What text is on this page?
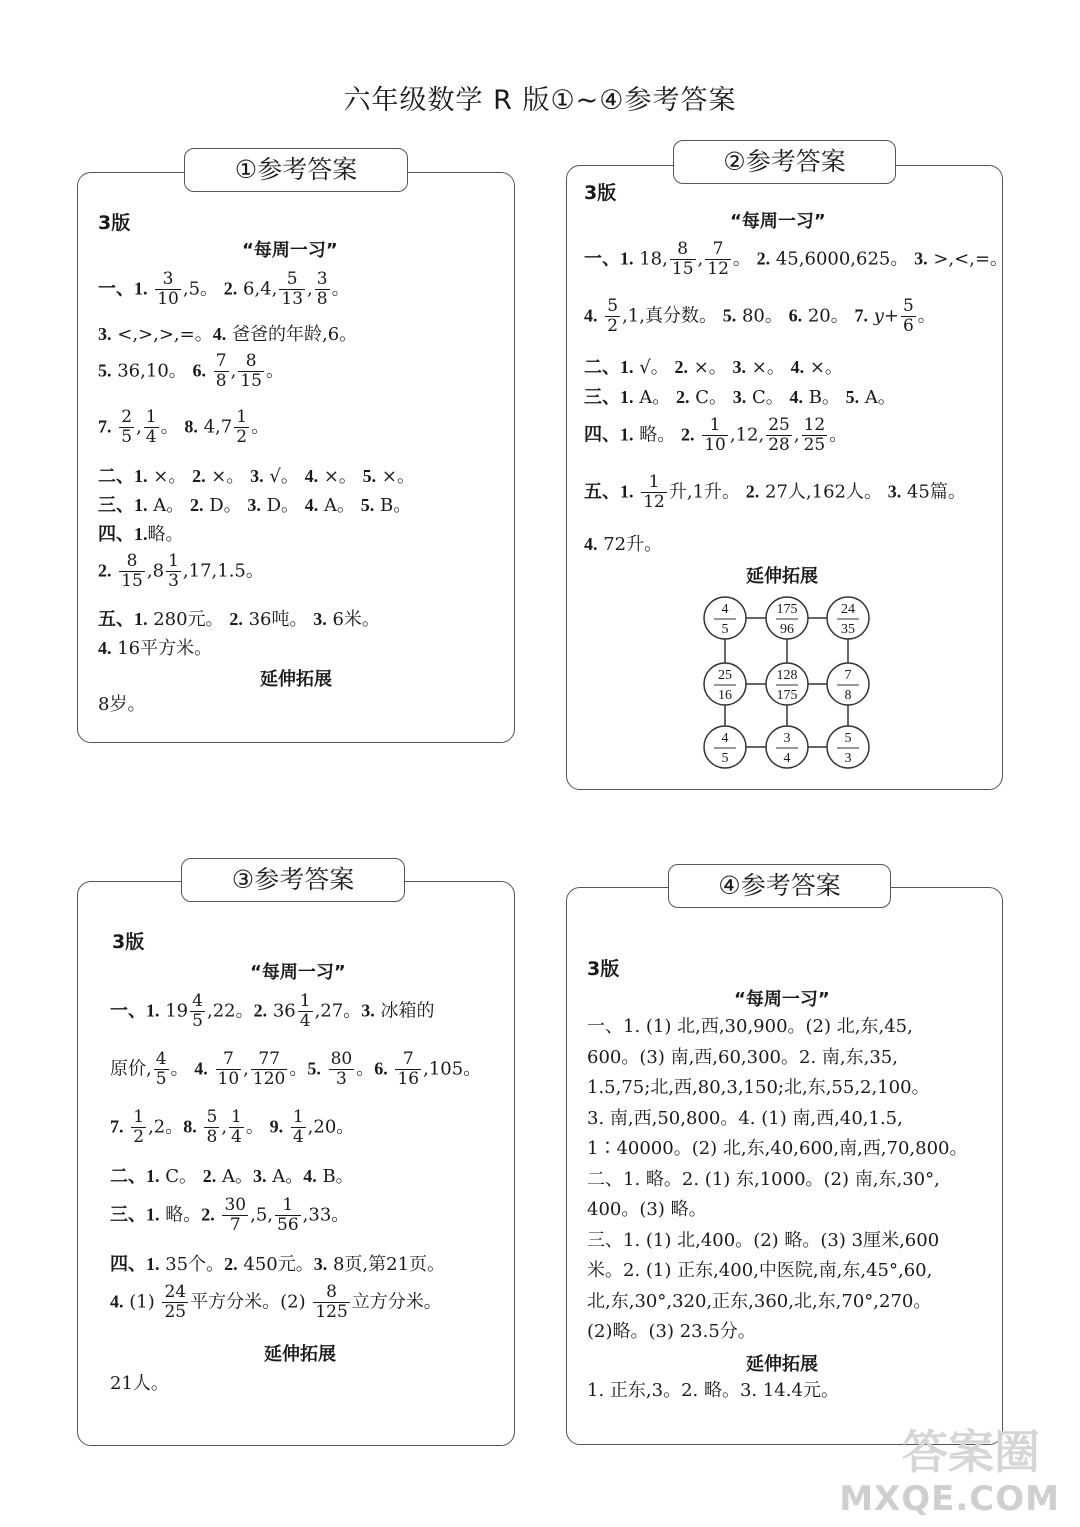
六年级数学 R 版①~④参考答案
①参考答案
3版
“每周一习”
一、1. $\frac{3}{10} ,5$。 2. 6,4, $\frac{5}{13}$ , $\frac{3}{8}$ 。
3. <,>,>,=。4. 爸爸的年龄,6。
5. 36,10。 6. $\frac{7}{8}$ , $\frac{8}{15}$ 。
7. $\frac{2}{5}$ , $\frac{1}{4}$ 。 8. $4,7 \frac{1}{2}$ 。
二、1. ×。 2. ×。 3. √。 4. ×。 5. ×。
三、1. A。 2. D。 3. D。 4. A。 5. B。
四、1.略。
2. $\frac{8}{15} ,8 \frac{1}{3} ,17,1.5$。
五、1. 280元。 2. 36吨。 3. 6米。
4. 16平方米。
延伸拓展
8岁。
②参考答案
3版
“每周一习”
一、1. 18, $\frac{8}{15}$ , $\frac{7}{12}$ 。 2. 45,6000,625。 3. >,<,=。
4. $\frac{5}{2} ,1$,真分数。 5. 80。 6. 20。 7. $y+ \frac{5}{6}$ 。
二、1. √。 2. ×。 3. ×。 4. ×。
三、1. A。 2. C。 3. C。 4. B。 5. A。
四、1. 略。 2. $\frac{1}{10} ,12$, $\frac{25}{28}$ , $\frac{12}{25}$ 。
五、1. $\frac{1}{12}$ 升,1升。 2. 27人,162人。 3. 45篇。
4. 72升。
延伸拓展
4
5
175
96
24
35
25
16
128
175
7
8
4
5
3
4
5
3
③参考答案
3版
“每周一习”
一、1. $19 \frac{4}{5} ,22$。2. $36 \frac{1}{4} ,27$。3. 冰箱的
原价, $\frac{4}{5}$ 。 4. $\frac{7}{10}$ , $\frac{77}{120}$ 。5. $\frac{80}{3}$ 。6. $\frac{7}{16} ,105$。
7. $\frac{1}{2} ,2$。8. $\frac{5}{8}$ , $\frac{1}{4}$ 。 9. $\frac{1}{4} ,20$。
二、1. C。 2. A。3. A。4. B。
三、1. 略。2. $\frac{30}{7} ,5$, $\frac{1}{56} ,33$。
四、1. 35个。2. 450元。3. 8页,第21页。
4. $(1) \frac{24}{25}$ 平方分米。$(2) \frac{8}{125}$ 立方分米。
延伸拓展
21人。
④参考答案
3版
“每周一习”
一、1. (1) 北,西,30,900。(2) 北,东,45,
600。(3) 南,西,60,300。2. 南,东,35,
1.5,75;北,西,80,3,150;北,东,55,2,100。
3. 南,西,50,800。4. (1) 南,西,40,1.5,
1∶40000。(2) 北,东,40,600,南,西,70,800。
二、1. 略。2. (1) 东,1000。(2) 南,东,30°,
400。(3) 略。
三、1. (1) 北,400。(2) 略。(3) 3厘米,600
米。2. (1) 正东,400,中医院,南,东,45°,60,
北,东,30°,320,正东,360,北,东,70°,270。
(2)略。(3) 23.5分。
延伸拓展
1. 正东,3。2. 略。3. 14.4元。
答案圈
MXQE.COM
